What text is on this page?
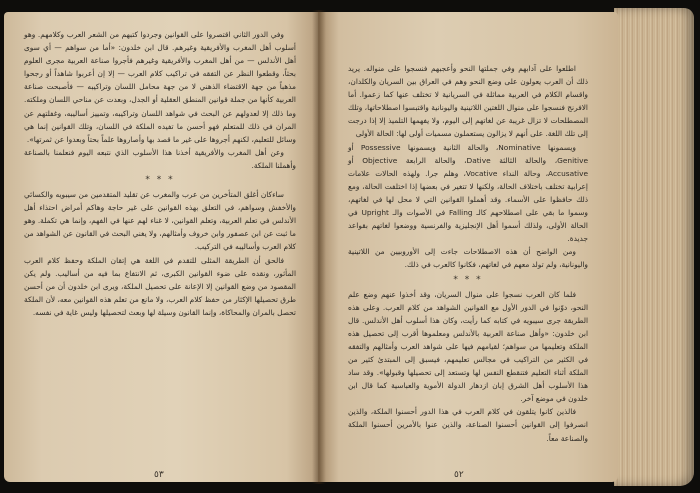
وفي الدور الثاني اقتصروا على القوانين وجردوا كتبهم من الشعر العرب وكلامهم. وهو أسلوب أهل المغرب والأفريقية وغيرهم. قال ابن خلدون: «أما من سواهم — أي سوى أهل الأندلس — من أهل المغرب والأفريقية وغيرهم فأجروا صناعة العربية مجرى العلوم بحثاً، وقطعوا النظر عن التفقه في تراكيب كلام العرب — إلا إن أعربوا شاهداً أو رجحوا مذهباً من جهة الاقتضاء الذهني لا من جهة محامل اللسان وتراكيبه — فأصبحت صناعة العربية كأنها من جملة قوانين المنطق العقلية أو الجدل، وبعدت عن مناحي اللسان وملكته. وما ذلك إلا لعدولهم عن البحث في شواهد اللسان وتراكيبه، وتمييز أساليبه، وغفلتهم عن المران في ذلك للمتعلم فهو أحسن ما تفيده الملكة في اللسان، وتلك القوانين إنما هي وسائل للتعليم، لكنهم أجروها على غير ما قصد بها وأصاروها علماً بحتاً وبعدوا عن ثمرتها».

وعن أهل المغرب والأفريقية أخذنا هذا الأسلوب الذي نتبعه اليوم فنعلمنا بالصناعة وأهملنا الملكة.

* * *

ساءكان أغلق المتأخرين من عرب والمغرب عن تقليد المتقدمين من سيبويه والكسائي والأخفش وسواهم، في التعلق بهذه القوانين على غير حاجة وهاكم أمراض احتذاء أهل الأندلس في تعلم العربية، وتعلم القوانين، لا غناء لهم عنها في الفهم، وإنما هي تكملة. وهو ما ثبت عن ابن عصفور وابن خروف وأمثالهم، ولا يغني البحث في القانون عن الشواهد من كلام العرب وأساليبه في التركيب.

فالحق أن الطريقة المثلى للتقدم في اللغة هي إتقان الملكة وحفظ كلام العرب المأثور، ونقده على ضوء القوانين الكبرى، ثم الانتفاع بما فيه من أساليب. ولم يكن المقصود من وضع القوانين إلا الإعانة على تحصيل الملكة، ويرى ابن خلدون أن من أحسن طرق تحصيلها الإكثار من حفظ كلام العرب، ولا مانع من تعلم هذه القوانين معه، لأن الملكة تحصل بالمران والمحاكاة، وإنما القانون وسيلة لها وبعث لتحصيلها وليس غاية في نفسه.

٥٣

اطلعوا على آدابهم وفي جملتها النحو وأعجبهم فنسجوا على منواله. يريد ذلك أن العرب يعولون على وضع النحو وهم في العراق بين السريان والكلدان، واقسام الكلام في العربية مماثلة في السريانية لا تختلف عنها كما زعموا. أما الافرنج فنسجوا على منوال اللغتين اللاتينية واليونانية واقتبسوا اصطلاحاتها، وتلك المصطلحات لا تزال غريبة عن لغاتهم إلى اليوم، ولا يفهمها التلميذ إلا إذا درجت إلى تلك اللغة. على أنهم لا يزالون يستعملون مسميات أولى لها: الحالة الأولى

ويسمونها Nominative، والحالة الثانية ويسمونها Possessive أو Genitive، والحالة الثالثة Dative، والحالة الرابعة Objective أو Accusative، وحالة النداء Vocative، وهلم جرا. ولهذه الحالات علامات إعرابية تختلف باختلاف الحالة، ولكنها لا تتغير في بعضها إذا اختلفت الحالة، ومع ذلك حافظوا على الأسماء. وقد أهملوا القوانين التي لا محل لها في لغاتهم، وسموا ما بقي على اصطلاحهم كالـ Falling في الأصوات والـ Upright في الحالة الأولى، ولذلك أسموا أهل الإنجليزية والفرنسية ووضعوا لغاتهم بقواعد جديدة.

ومن الواضح أن هذه الاصطلاحات جاءت إلى الأوروبيين من اللاتينية واليونانية، ولم تولد معهم في لغاتهم، فكانوا كالعرب في ذلك.

* * *

فلما كان العرب نسجوا على منوال السريان، وقد أخذوا عنهم وضع علم النحو، دوّنوا في الدور الأول مع القوانين الشواهد من كلام العرب. وعلى هذه الطريقة جرى سيبويه في كتابه كما رأيت، وكان هذا أسلوب أهل الأندلس. قال ابن خلدون: «وأهل صناعة العربية بالأندلس ومعلموها أقرب إلى تحصيل هذه الملكة وتعليمها من سواهم؛ لقيامهم فيها على شواهد العرب وأمثالهم والتفقه في الكثير من التراكيب في مجالس تعليمهم، فيسبق إلى المبتدئ كثير من الملكة أثناء التعليم فتنقطع النفس لها وتستعد إلى تحصيلها وقبولها». وقد ساد هذا الأسلوب أهل الشرق إبان ازدهار الدولة الأموية والعباسية كما قال ابن خلدون في موضع آخر.

فالذين كانوا يتلقون في كلام العرب في هذا الدور أحسنوا الملكة، والذين انصرفوا إلى القوانين أحسنوا الصناعة، والذين عنوا بالأمرين أحسنوا الملكة والصناعة معاً.

٥٢
